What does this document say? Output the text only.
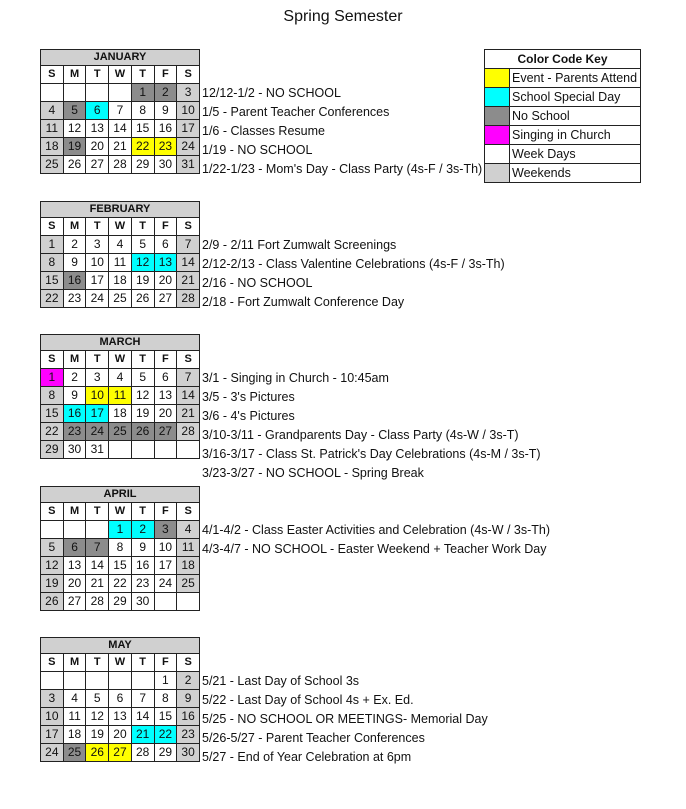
Spring Semester
Color Code Key	
	Event - Parents Attend
	School Special Day
	No School
	Singing in Church
	Week Days
	Weekends
JANUARY						
S	M	T	W	T	F	S
				1	2	3
4	5	6	7	8	9	10
11	12	13	14	15	16	17
18	19	20	21	22	23	24
25	26	27	28	29	30	31
12/12-1/2 - NO SCHOOL
1/5 - Parent Teacher Conferences
1/6 - Classes Resume
1/19 - NO SCHOOL
1/22-1/23 - Mom's Day - Class Party (4s-F / 3s-Th)
FEBRUARY						
S	M	T	W	T	F	S
1	2	3	4	5	6	7
8	9	10	11	12	13	14
15	16	17	18	19	20	21
22	23	24	25	26	27	28
2/9 - 2/11 Fort Zumwalt Screenings
2/12-2/13 - Class Valentine Celebrations (4s-F / 3s-Th)
2/16 - NO SCHOOL
2/18 - Fort Zumwalt Conference Day
MARCH						
S	M	T	W	T	F	S
1	2	3	4	5	6	7
8	9	10	11	12	13	14
15	16	17	18	19	20	21
22	23	24	25	26	27	28
29	30	31				
3/1 - Singing in Church - 10:45am
3/5 - 3's Pictures
3/6 - 4's Pictures
3/10-3/11 - Grandparents Day - Class Party (4s-W / 3s-T)
3/16-3/17 - Class St. Patrick's Day Celebrations (4s-M / 3s-T)
3/23-3/27 - NO SCHOOL - Spring Break
APRIL						
S	M	T	W	T	F	S
			1	2	3	4
5	6	7	8	9	10	11
12	13	14	15	16	17	18
19	20	21	22	23	24	25
26	27	28	29	30		
4/1-4/2 - Class Easter Activities and Celebration (4s-W / 3s-Th)
4/3-4/7 - NO SCHOOL - Easter Weekend + Teacher Work Day
MAY						
S	M	T	W	T	F	S
					1	2
3	4	5	6	7	8	9
10	11	12	13	14	15	16
17	18	19	20	21	22	23
24	25	26	27	28	29	30
5/21 - Last Day of School 3s
5/22 - Last Day of School 4s + Ex. Ed.
5/25 - NO SCHOOL OR MEETINGS- Memorial Day
5/26-5/27 - Parent Teacher Conferences
5/27 - End of Year Celebration at 6pm
